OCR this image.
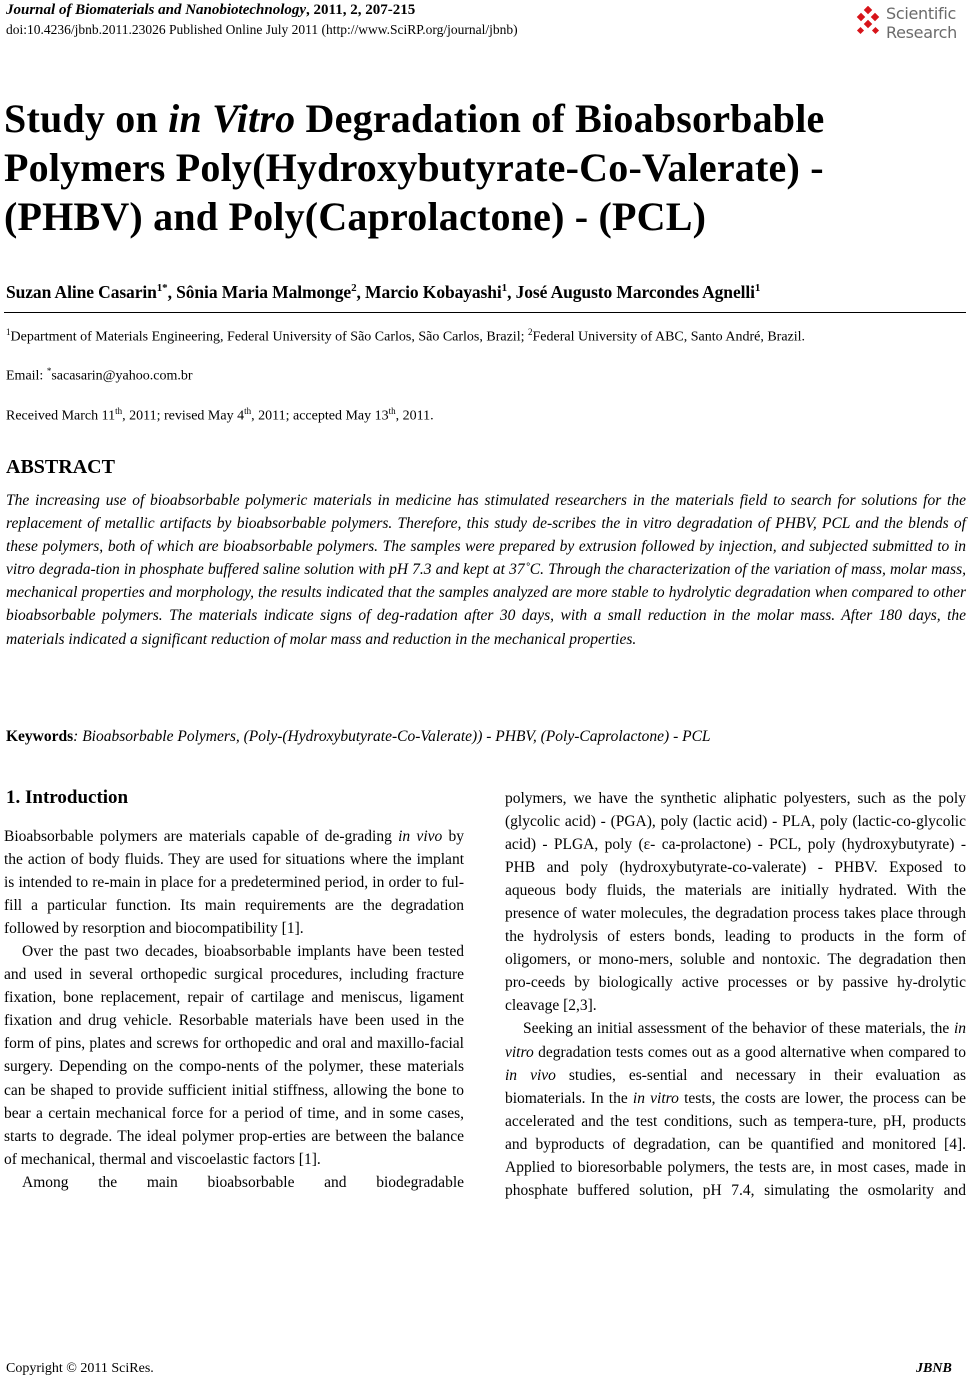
Journal of Biomaterials and Nanobiotechnology, 2011, 2, 207-215
doi:10.4236/jbnb.2011.23026 Published Online July 2011 (http://www.SciRP.org/journal/jbnb)
Scientific
Research
Study on in Vitro Degradation of Bioabsorbable Polymers Poly(Hydroxybutyrate-Co-Valerate) - (PHBV) and Poly(Caprolactone) - (PCL)
Suzan Aline Casarin$^{1*}$, Sônia Maria Malmonge$^2$, Marcio Kobayashi$^1$, José Augusto Marcondes Agnelli$^1$
$^1$Department of Materials Engineering, Federal University of São Carlos, São Carlos, Brazil; $^2$Federal University of ABC, Santo André, Brazil.
Email: *sacasarin@yahoo.com.br
Received March 11th, 2011; revised May 4th, 2011; accepted May 13th, 2011.
ABSTRACT
The increasing use of bioabsorbable polymeric materials in medicine has stimulated researchers in the materials field to search for solutions for the replacement of metallic artifacts by bioabsorbable polymers. Therefore, this study de-scribes the in vitro degradation of PHBV, PCL and the blends of these polymers, both of which are bioabsorbable polymers. The samples were prepared by extrusion followed by injection, and subjected submitted to in vitro degrada-tion in phosphate buffered saline solution with pH 7.3 and kept at 37˚C. Through the characterization of the variation of mass, molar mass, mechanical properties and morphology, the results indicated that the samples analyzed are more stable to hydrolytic degradation when compared to other bioabsorbable polymers. The materials indicate signs of deg-radation after 30 days, with a small reduction in the molar mass. After 180 days, the materials indicated a significant reduction of molar mass and reduction in the mechanical properties.
Keywords: Bioabsorbable Polymers, (Poly-(Hydroxybutyrate-Co-Valerate)) - PHBV, (Poly-Caprolactone) - PCL
1. Introduction

Bioabsorbable polymers are materials capable of de-grading in vivo by the action of body fluids. They are used for situations where the implant is intended to re-main in place for a predetermined period, in order to ful-fill a particular function. Its main requirements are the degradation followed by resorption and biocompatibility [1].

Over the past two decades, bioabsorbable implants have been tested and used in several orthopedic surgical procedures, including fracture fixation, bone replacement, repair of cartilage and meniscus, ligament fixation and drug vehicle. Resorbable materials have been used in the form of pins, plates and screws for orthopedic and oral and maxillo-facial surgery. Depending on the compo-nents of the polymer, these materials can be shaped to provide sufficient initial stiffness, allowing the bone to bear a certain mechanical force for a period of time, and in some cases, starts to degrade. The ideal polymer prop-erties are between the balance of mechanical, thermal and viscoelastic factors [1].

Among the main bioabsorbable and biodegradable

polymers, we have the synthetic aliphatic polyesters, such as the poly (glycolic acid) - (PGA), poly (lactic acid) - PLA, poly (lactic-co-glycolic acid) - PLGA, poly (ε- ca-prolactone) - PCL, poly (hydroxybutyrate) - PHB and poly (hydroxybutyrate-co-valerate) - PHBV. Exposed to aqueous body fluids, the materials are initially hydrated. With the presence of water molecules, the degradation process takes place through the hydrolysis of esters bonds, leading to products in the form of oligomers, or mono-mers, soluble and nontoxic. The degradation then pro-ceeds by biologically active processes or by passive hy-drolytic cleavage [2,3].

Seeking an initial assessment of the behavior of these materials, the in vitro degradation tests comes out as a good alternative when compared to in vivo studies, es-sential and necessary in their evaluation as biomaterials. In the in vitro tests, the costs are lower, the process can be accelerated and the test conditions, such as tempera-ture, pH, products and byproducts of degradation, can be quantified and monitored [4]. Applied to bioresorbable polymers, the tests are, in most cases, made in phosphate buffered solution, pH 7.4, simulating the osmolarity and

Copyright © 2011 SciRes.	JBNB
